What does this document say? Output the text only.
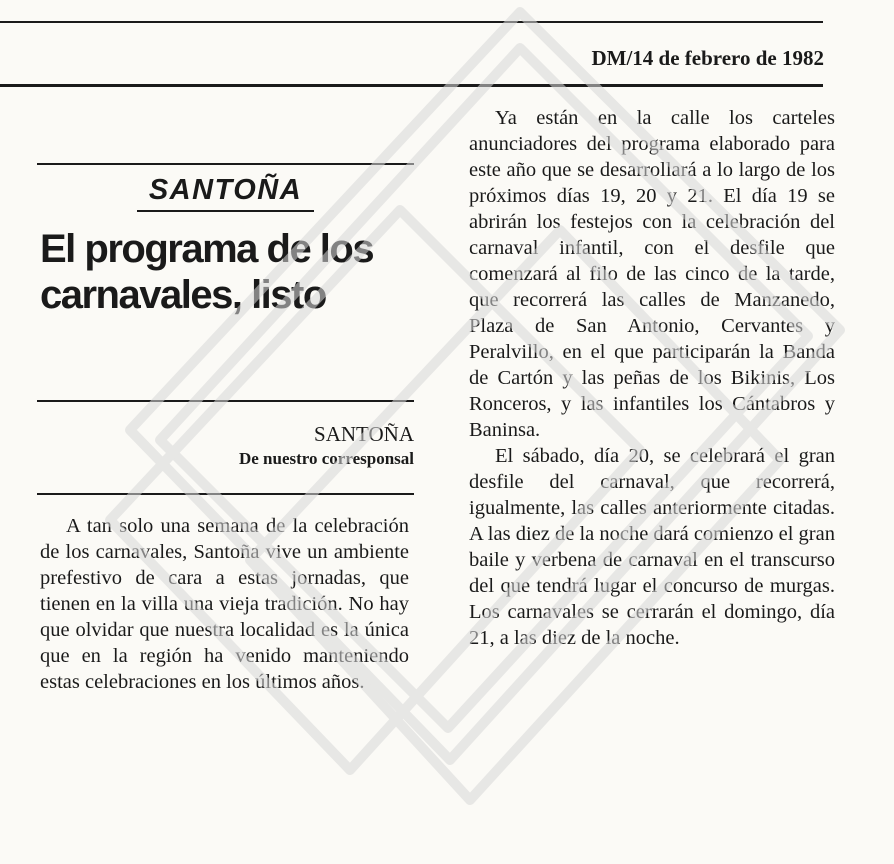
DM/14 de febrero de 1982
SANTOÑA
El programa de los carnavales, listo
SANTOÑA
De nuestro corresponsal

A tan solo una semana de la celebración de los carnavales, Santoña vive un ambiente prefestivo de cara a estas jornadas, que tienen en la villa una vieja tradición. No hay que olvidar que nuestra localidad es la única que en la región ha venido manteniendo estas celebraciones en los últimos años.

Ya están en la calle los carteles anunciadores del programa elaborado para este año que se desarrollará a lo largo de los próximos días 19, 20 y 21. El día 19 se abrirán los festejos con la celebración del carnaval infantil, con el desfile que comenzará al filo de las cinco de la tarde, que recorrerá las calles de Manzanedo, Plaza de San Antonio, Cervantes y Peralvillo, en el que participarán la Banda de Cartón y las peñas de los Bikinis, Los Ronceros, y las infantiles los Cántabros y Baninsa.

El sábado, día 20, se celebrará el gran desfile del carnaval, que recorrerá, igualmente, las calles anteriormente citadas. A las diez de la noche dará comienzo el gran baile y verbena de carnaval en el transcurso del que tendrá lugar el concurso de murgas. Los carnavales se cerrarán el domingo, día 21, a las diez de la noche.
